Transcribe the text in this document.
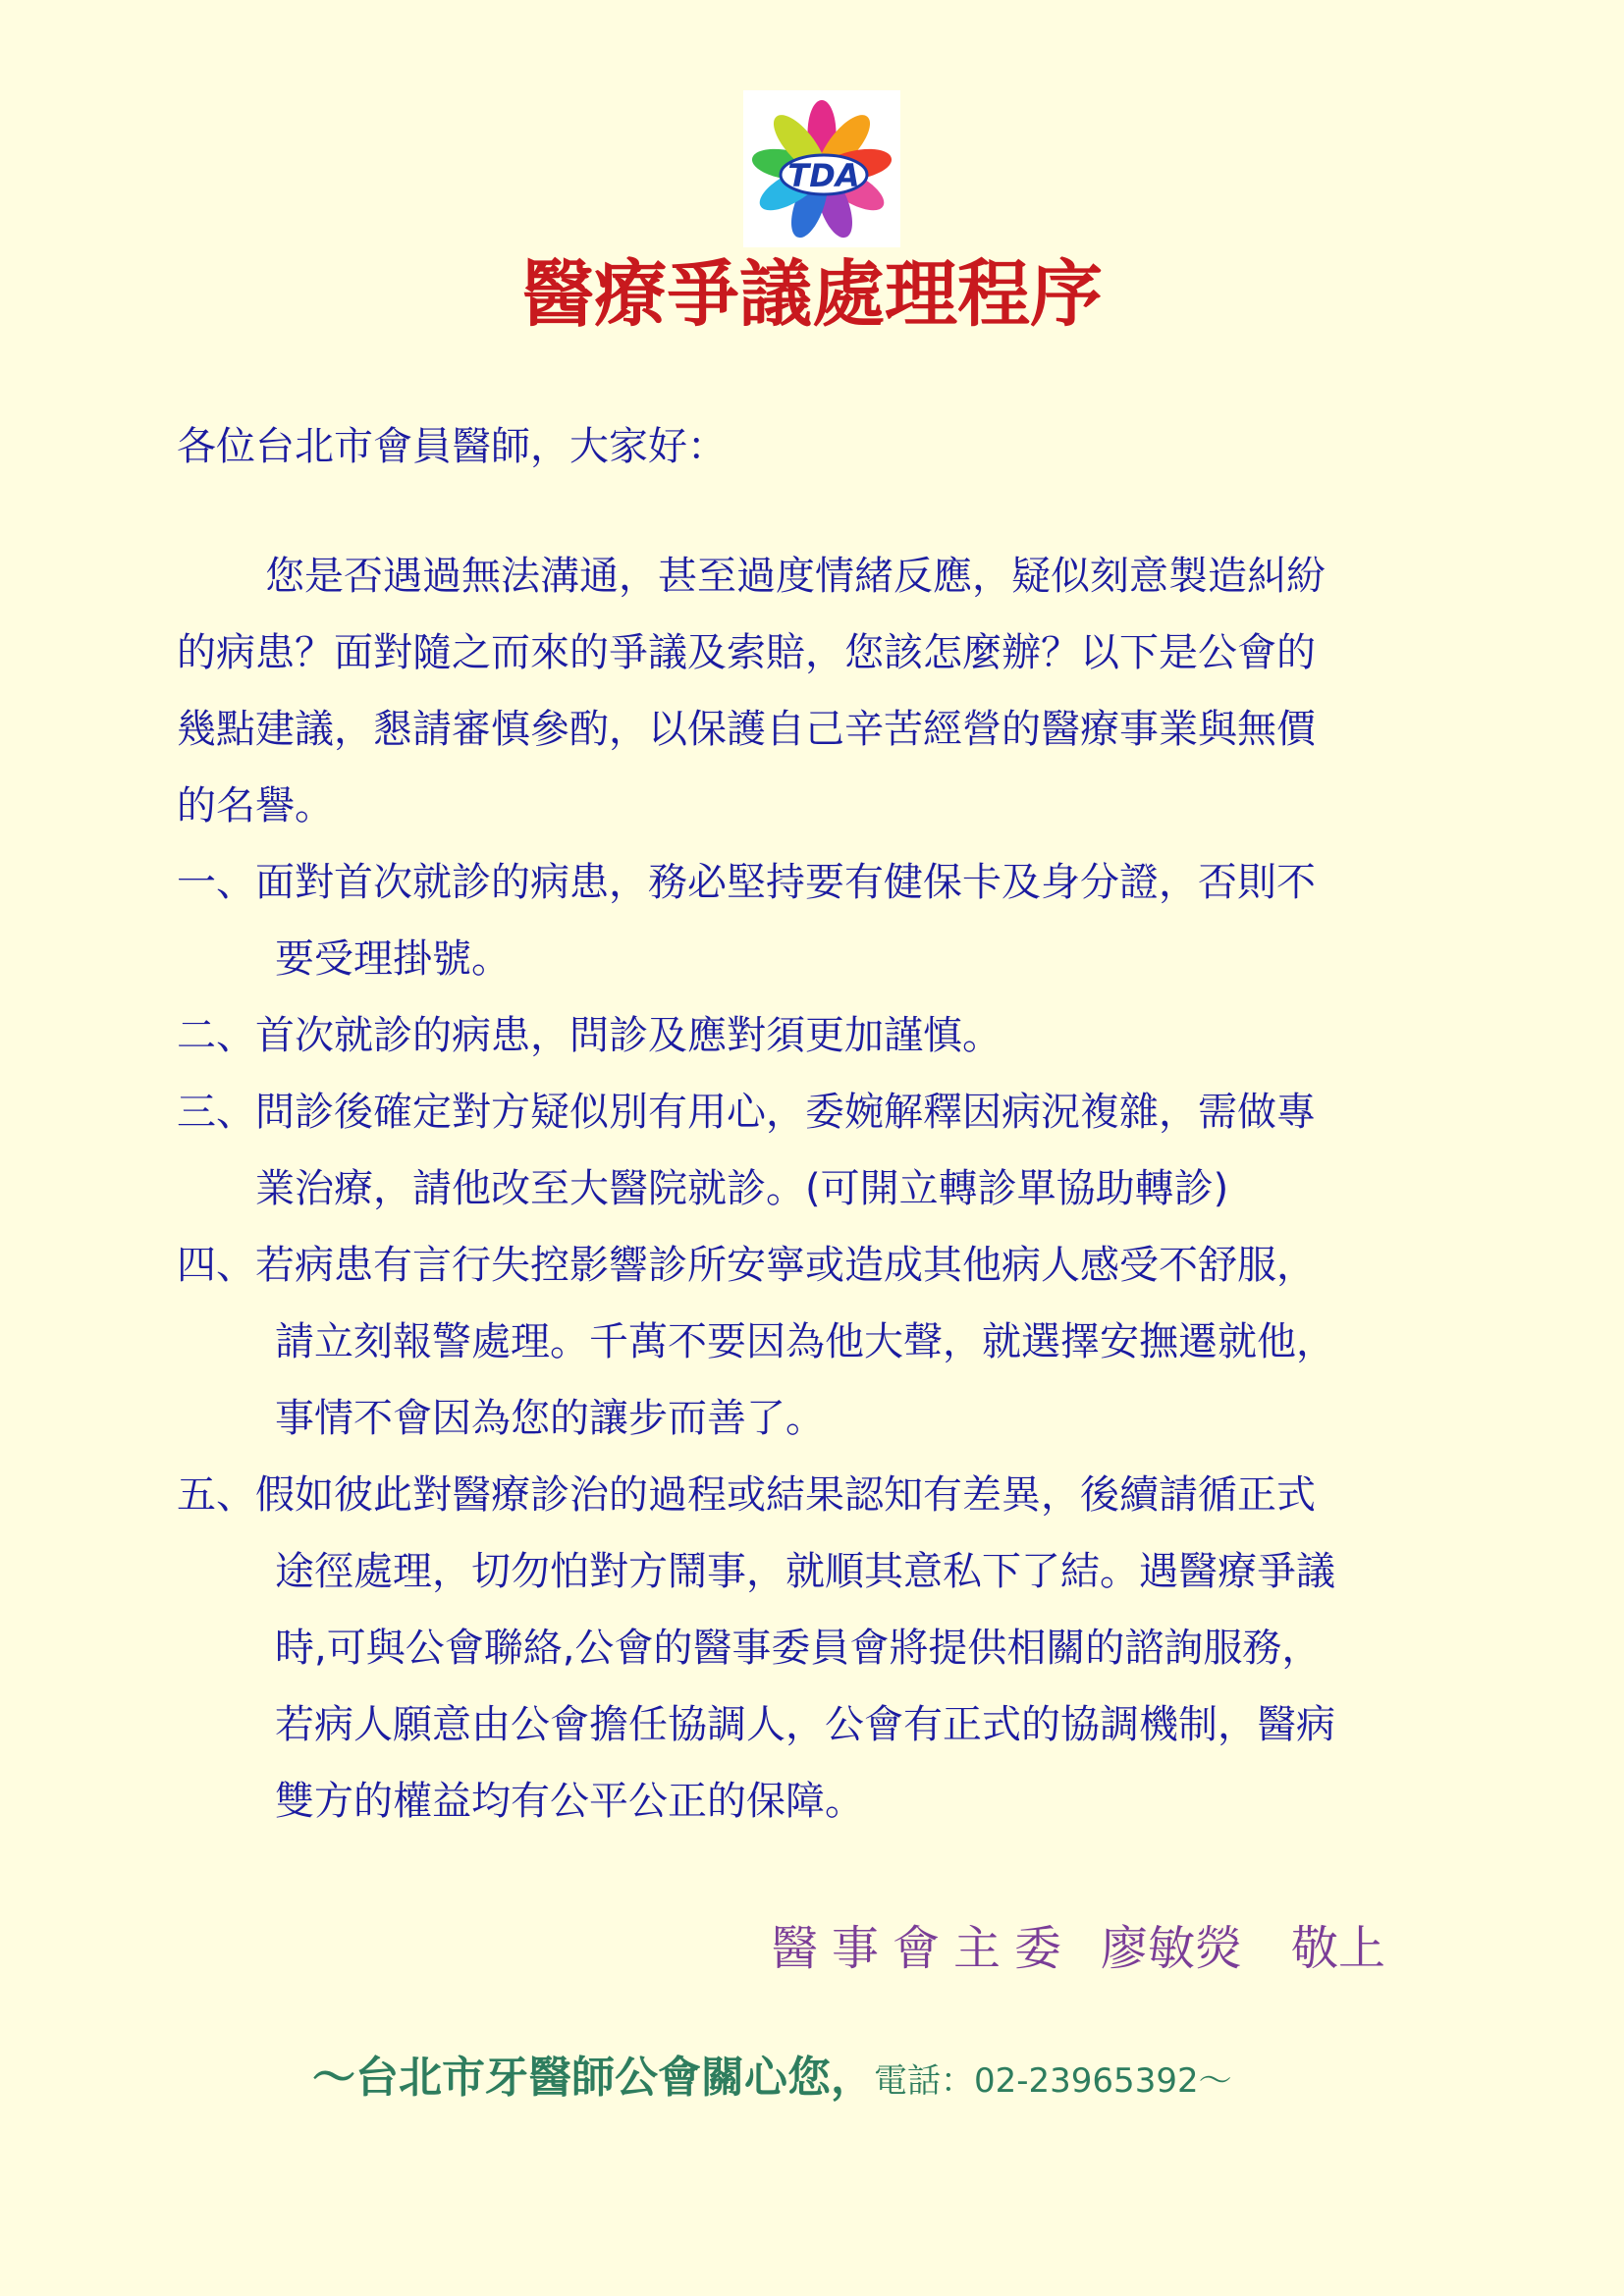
TDA
醫療爭議處理程序
各位台北市會員醫師，大家好：
您是否遇過無法溝通，甚至過度情緒反應，疑似刻意製造糾紛
的病患？面對隨之而來的爭議及索賠，您該怎麼辦？以下是公會的
幾點建議，懇請審慎參酌，以保護自己辛苦經營的醫療事業與無價
的名譽。
一、面對首次就診的病患，務必堅持要有健保卡及身分證，否則不
要受理掛號。
二、首次就診的病患，問診及應對須更加謹慎。
三、問診後確定對方疑似別有用心，委婉解釋因病況複雜，需做專
業治療，請他改至大醫院就診。(可開立轉診單協助轉診)
四、若病患有言行失控影響診所安寧或造成其他病人感受不舒服，
請立刻報警處理。千萬不要因為他大聲，就選擇安撫遷就他，
事情不會因為您的讓步而善了。
五、假如彼此對醫療診治的過程或結果認知有差異，後續請循正式
途徑處理，切勿怕對方鬧事，就順其意私下了結。遇醫療爭議
時,可與公會聯絡,公會的醫事委員會將提供相關的諮詢服務，
若病人願意由公會擔任協調人，公會有正式的協調機制，醫病
雙方的權益均有公平公正的保障。
醫事會主委 廖敏熒 敬上
～台北市牙醫師公會關心您，電話：02-23965392～
